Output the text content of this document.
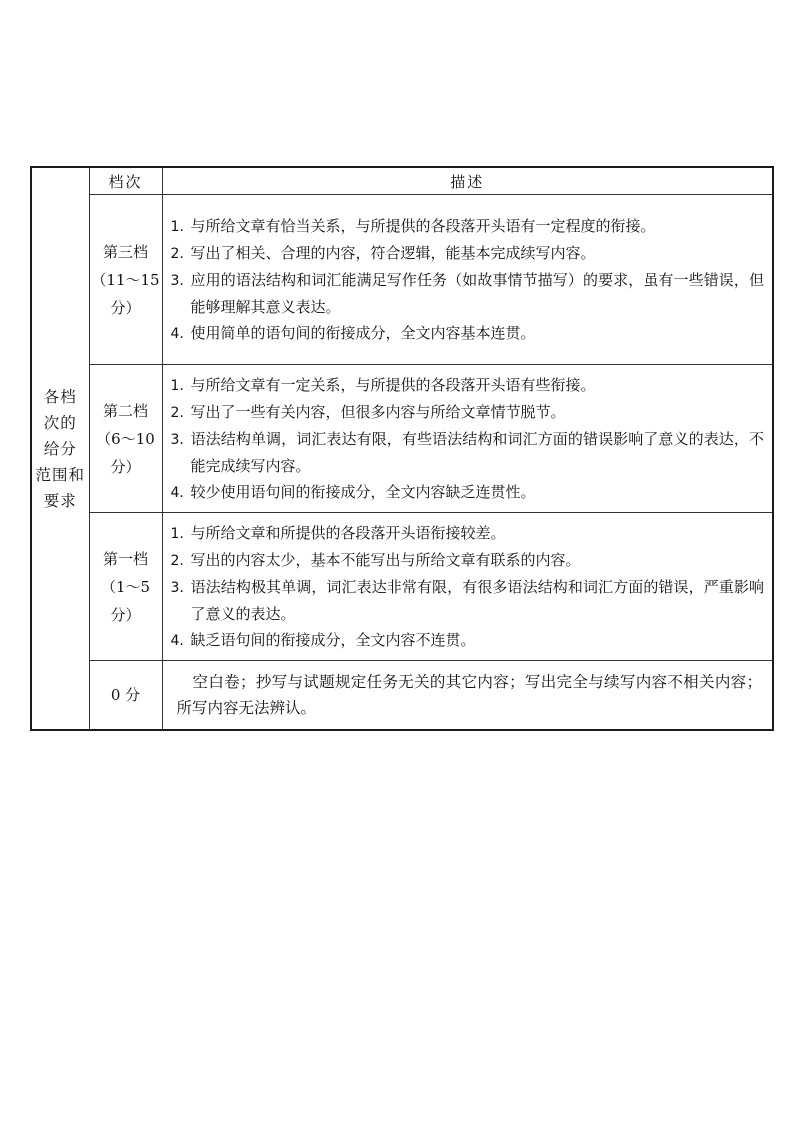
各档
次的
给分
范围和
要求	档次	描述

	第三档
（11～15
分）	1. 与所给文章有恰当关系，与所提供的各段落开头语有一定程度的衔接。
2. 写出了相关、合理的内容，符合逻辑，能基本完成续写内容。
3. 应用的语法结构和词汇能满足写作任务（如故事情节描写）的要求，虽有一些错误，但能够理解其意义表达。
4. 使用简单的语句间的衔接成分，全文内容基本连贯。

	第二档
（6～10
分）	1. 与所给文章有一定关系，与所提供的各段落开头语有些衔接。
2. 写出了一些有关内容，但很多内容与所给文章情节脱节。
3. 语法结构单调，词汇表达有限，有些语法结构和词汇方面的错误影响了意义的表达，不能完成续写内容。
4. 较少使用语句间的衔接成分，全文内容缺乏连贯性。

	第一档
（1～5
分）	1. 与所给文章和所提供的各段落开头语衔接较差。
2. 写出的内容太少，基本不能写出与所给文章有联系的内容。
3. 语法结构极其单调，词汇表达非常有限，有很多语法结构和词汇方面的错误，严重影响了意义的表达。
4. 缺乏语句间的衔接成分，全文内容不连贯。

	0 分	空白卷；抄写与试题规定任务无关的其它内容；写出完全与续写内容不相关内容；所写内容无法辨认。
